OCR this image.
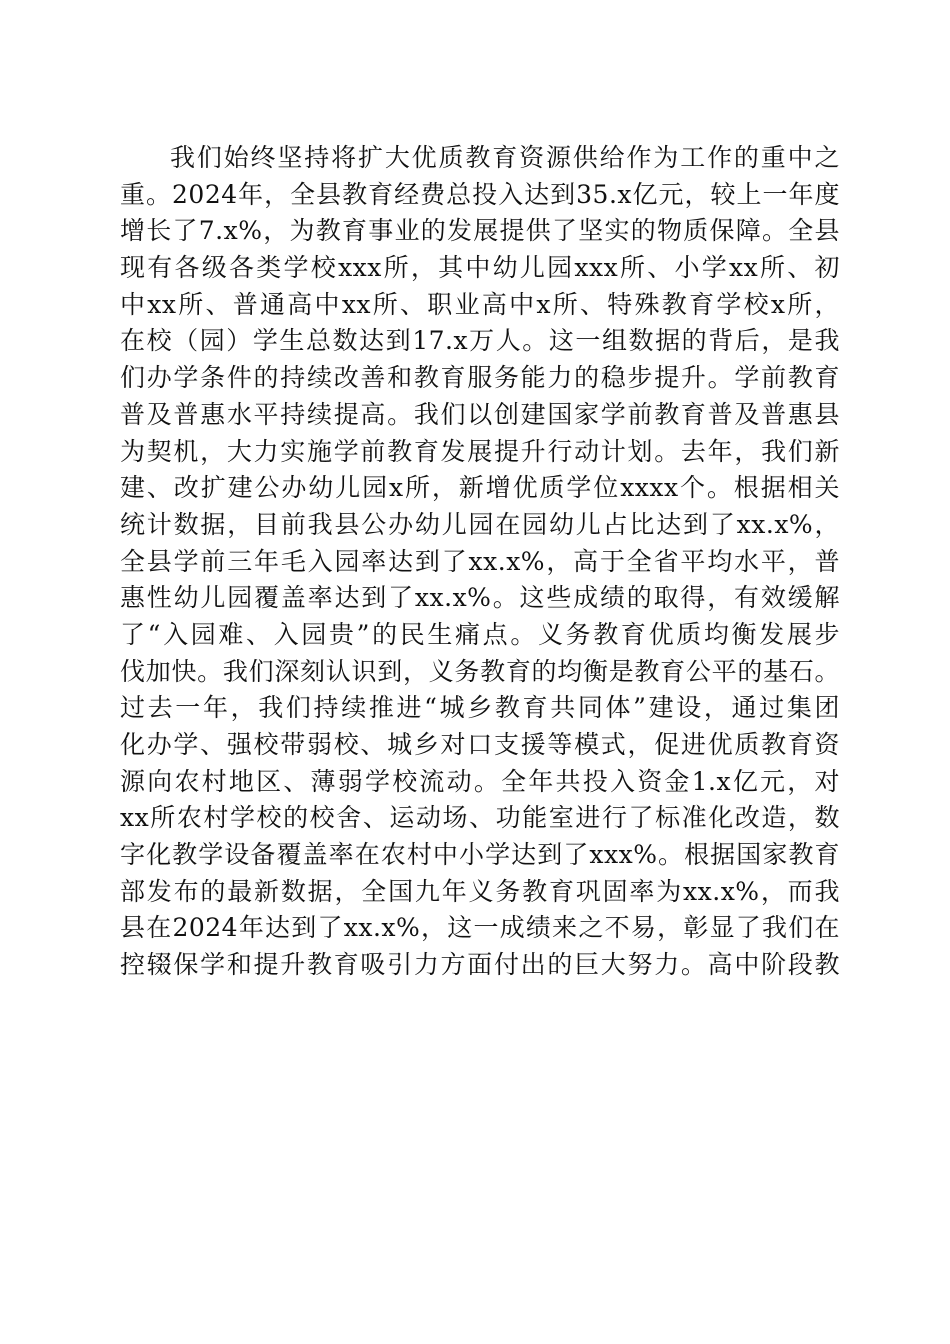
我们始终坚持将扩大优质教育资源供给作为工作的重中之
重。2024年，全县教育经费总投入达到35.x亿元，较上一年度
增长了7.x%，为教育事业的发展提供了坚实的物质保障。全县
现有各级各类学校xxx所，其中幼儿园xxx所、小学xx所、初
中xx所、普通高中xx所、职业高中x所、特殊教育学校x所，
在校（园）学生总数达到17.x万人。这一组数据的背后，是我
们办学条件的持续改善和教育服务能力的稳步提升。学前教育
普及普惠水平持续提高。我们以创建国家学前教育普及普惠县
为契机，大力实施学前教育发展提升行动计划。去年，我们新
建、改扩建公办幼儿园x所，新增优质学位xxxx个。根据相关
统计数据，目前我县公办幼儿园在园幼儿占比达到了xx.x%，
全县学前三年毛入园率达到了xx.x%，高于全省平均水平，普
惠性幼儿园覆盖率达到了xx.x%。这些成绩的取得，有效缓解
了“入园难、入园贵”的民生痛点。义务教育优质均衡发展步
伐加快。我们深刻认识到，义务教育的均衡是教育公平的基石。
过去一年，我们持续推进“城乡教育共同体”建设，通过集团
化办学、强校带弱校、城乡对口支援等模式，促进优质教育资
源向农村地区、薄弱学校流动。全年共投入资金1.x亿元，对
xx所农村学校的校舍、运动场、功能室进行了标准化改造，数
字化教学设备覆盖率在农村中小学达到了xxx%。根据国家教育
部发布的最新数据，全国九年义务教育巩固率为xx.x%，而我
县在2024年达到了xx.x%，这一成绩来之不易，彰显了我们在
控辍保学和提升教育吸引力方面付出的巨大努力。高中阶段教
